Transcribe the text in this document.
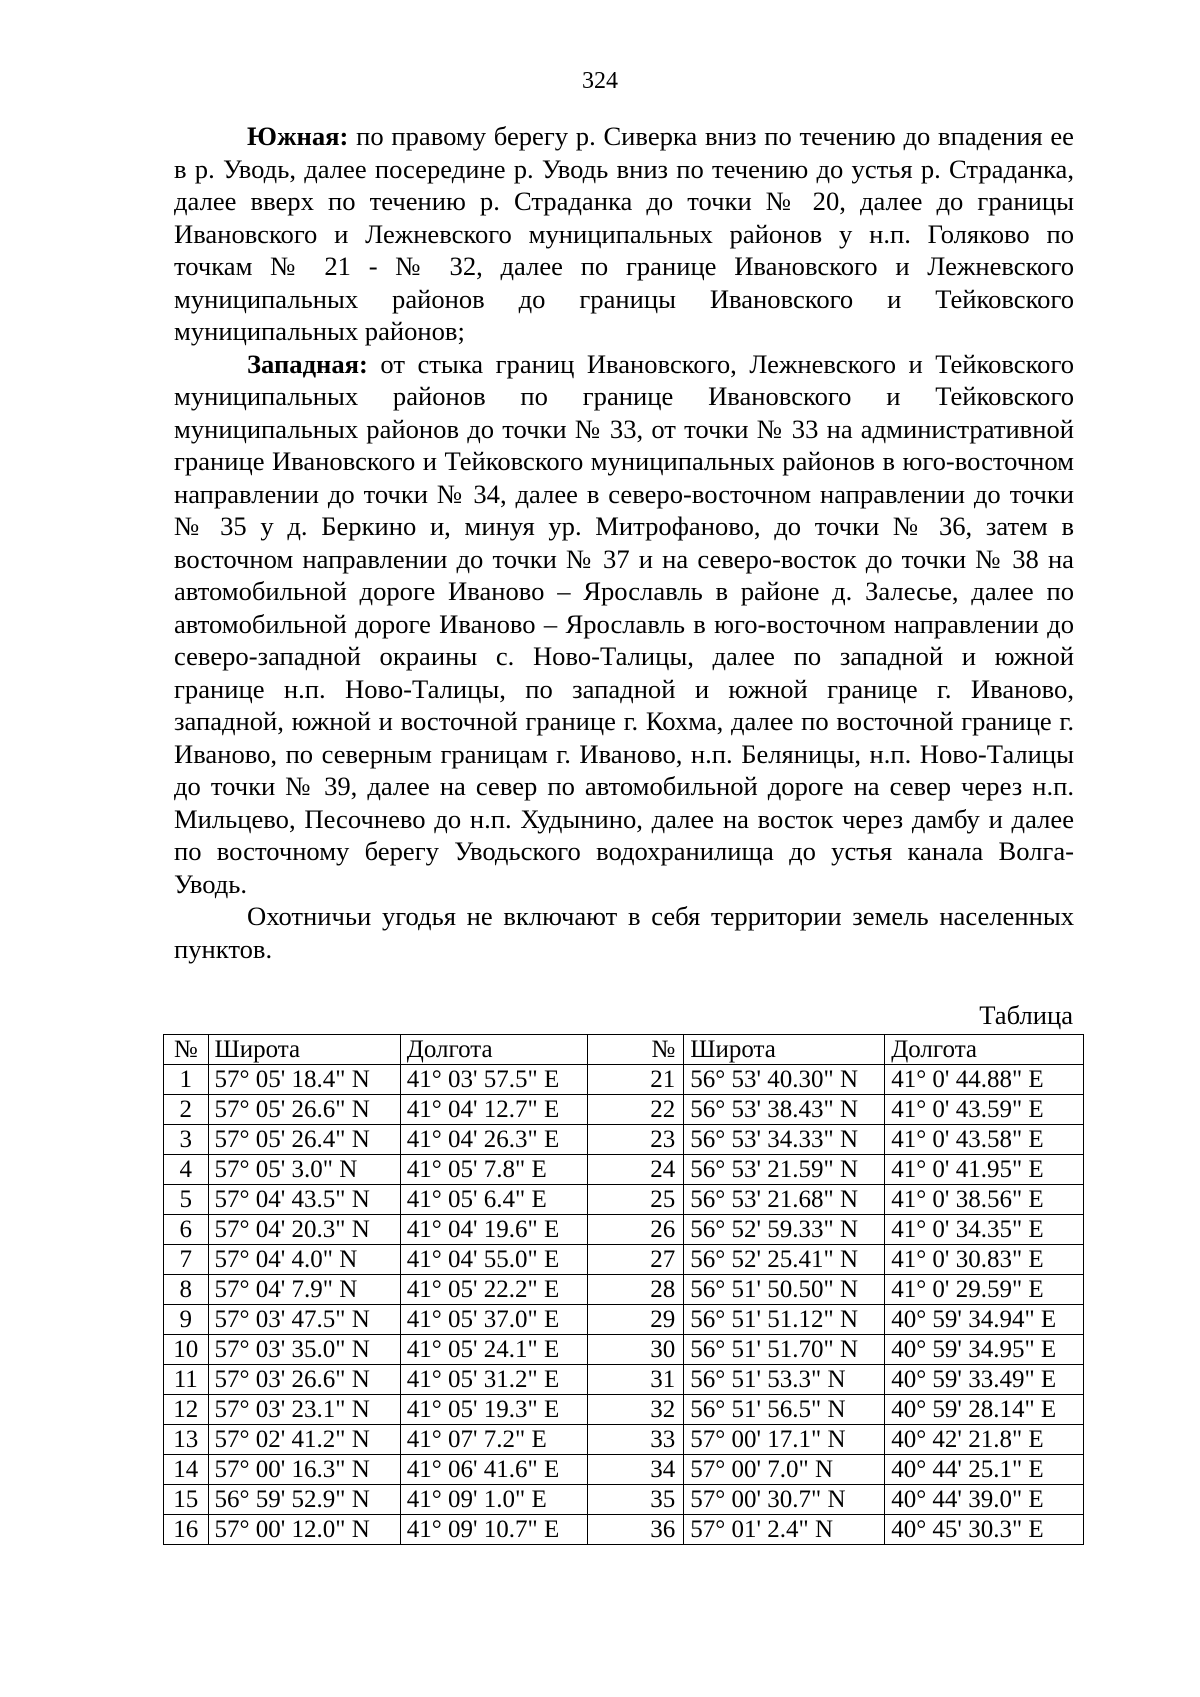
324

Южная: по правому берегу р. Сиверка вниз по течению до впадения ее в р. Уводь, далее посередине р. Уводь вниз по течению до устья р. Страданка, далее вверх по течению р. Страданка до точки № 20, далее до границы Ивановского и Лежневского муниципальных районов у н.п. Голяково по точкам № 21 - № 32, далее по границе Ивановского и Лежневского муниципальных районов до границы Ивановского и Тейковского муниципальных районов;

Западная: от стыка границ Ивановского, Лежневского и Тейковского муниципальных районов по границе Ивановского и Тейковского муниципальных районов до точки № 33, от точки № 33 на административной границе Ивановского и Тейковского муниципальных районов в юго-восточном направлении до точки № 34, далее в северо-восточном направлении до точки № 35 у д. Беркино и, минуя ур. Митрофаново, до точки № 36, затем в восточном направлении до точки № 37 и на северо-восток до точки № 38 на автомобильной дороге Иваново – Ярославль в районе д. Залесье, далее по автомобильной дороге Иваново – Ярославль в юго-восточном направлении до северо-западной окраины с. Ново-Талицы, далее по западной и южной границе н.п. Ново-Талицы, по западной и южной границе г. Иваново, западной, южной и восточной границе г. Кохма, далее по восточной границе г. Иваново, по северным границам г. Иваново, н.п. Беляницы, н.п. Ново-Талицы до точки № 39, далее на север по автомобильной дороге на север через н.п. Мильцево, Песочнево до н.п. Худынино, далее на восток через дамбу и далее по восточному берегу Уводьского водохранилища до устья канала Волга-Уводь.

Охотничьи угодья не включают в себя территории земель населенных пунктов.

Таблица
№	Широта	Долгота	№	Широта	Долгота
1	57° 05' 18.4" N	41° 03' 57.5" E	21	56° 53' 40.30" N	41° 0' 44.88" E
2	57° 05' 26.6" N	41° 04' 12.7" E	22	56° 53' 38.43" N	41° 0' 43.59" E
3	57° 05' 26.4" N	41° 04' 26.3" E	23	56° 53' 34.33" N	41° 0' 43.58" E
4	57° 05' 3.0" N	41° 05' 7.8" E	24	56° 53' 21.59" N	41° 0' 41.95" E
5	57° 04' 43.5" N	41° 05' 6.4" E	25	56° 53' 21.68" N	41° 0' 38.56" E
6	57° 04' 20.3" N	41° 04' 19.6" E	26	56° 52' 59.33" N	41° 0' 34.35" E
7	57° 04' 4.0" N	41° 04' 55.0" E	27	56° 52' 25.41" N	41° 0' 30.83" E
8	57° 04' 7.9" N	41° 05' 22.2" E	28	56° 51' 50.50" N	41° 0' 29.59" E
9	57° 03' 47.5" N	41° 05' 37.0" E	29	56° 51' 51.12" N	40° 59' 34.94" E
10	57° 03' 35.0" N	41° 05' 24.1" E	30	56° 51' 51.70" N	40° 59' 34.95" E
11	57° 03' 26.6" N	41° 05' 31.2" E	31	56° 51' 53.3" N	40° 59' 33.49" E
12	57° 03' 23.1" N	41° 05' 19.3" E	32	56° 51' 56.5" N	40° 59' 28.14" E
13	57° 02' 41.2" N	41° 07' 7.2" E	33	57° 00' 17.1" N	40° 42' 21.8" E
14	57° 00' 16.3" N	41° 06' 41.6" E	34	57° 00' 7.0" N	40° 44' 25.1" E
15	56° 59' 52.9" N	41° 09' 1.0" E	35	57° 00' 30.7" N	40° 44' 39.0" E
16	57° 00' 12.0" N	41° 09' 10.7" E	36	57° 01' 2.4" N	40° 45' 30.3" E
